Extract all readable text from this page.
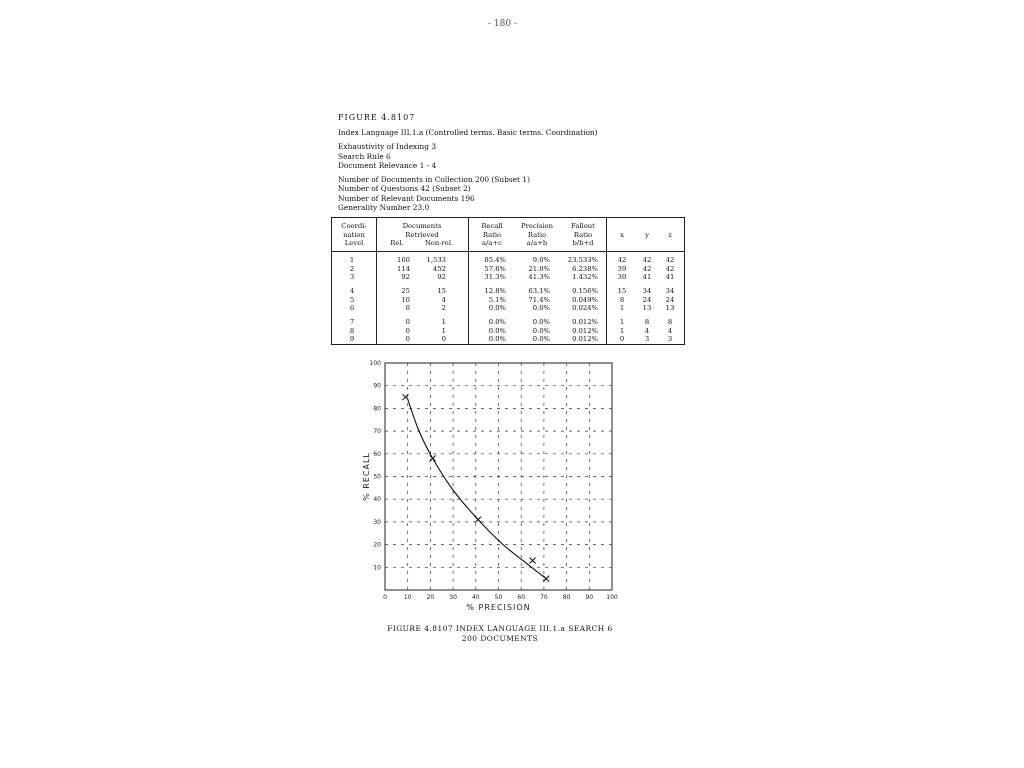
- 180 -
FIGURE 4.8107
Index Language III.1.a (Controlled terms. Basic terms. Coordination)
Exhaustivity of Indexing 3
Search Rule 6
Document Relevance 1 - 4
Number of Documents in Collection 200 (Subset 1)
Number of Questions 42 (Subset 2)
Number of Relevant Documents 196
Generality Number 23.0
Coordi-
nation
Level
Documents
Retrieved
Rel.	Non-rel.
Recall
Ratio
a/a+c
Precision
Ratio
a/a+b
Fallout
Ratio
b/b+d
x	y	z
1	160	1,533	85.4%	9.0%	23.533%	42	42	42
2	114	452	57.6%	21.0%	6.238%	39	42	42
3	92	92	31.3%	41.3%	1.432%	30	41	41
4	25	15	12.8%	63.1%	0.156%	15	34	34
5	10	4	5.1%	71.4%	0.049%	8	24	24
6	0	2	0.0%	0.0%	0.024%	1	13	13
7	0	1	0.0%	0.0%	0.012%	1	8	8
8	0	1	0.0%	0.0%	0.012%	1	4	4
9	0	0	0.0%	0.0%	0.012%	0	3	3
0	10	20	30	40	50	60	70	80	90 100
10
20
30
40
50
60
70
80
90
100
% PRECISION
% RECALL
FIGURE 4.8107 INDEX LANGUAGE III.1.a SEARCH 6
200 DOCUMENTS
